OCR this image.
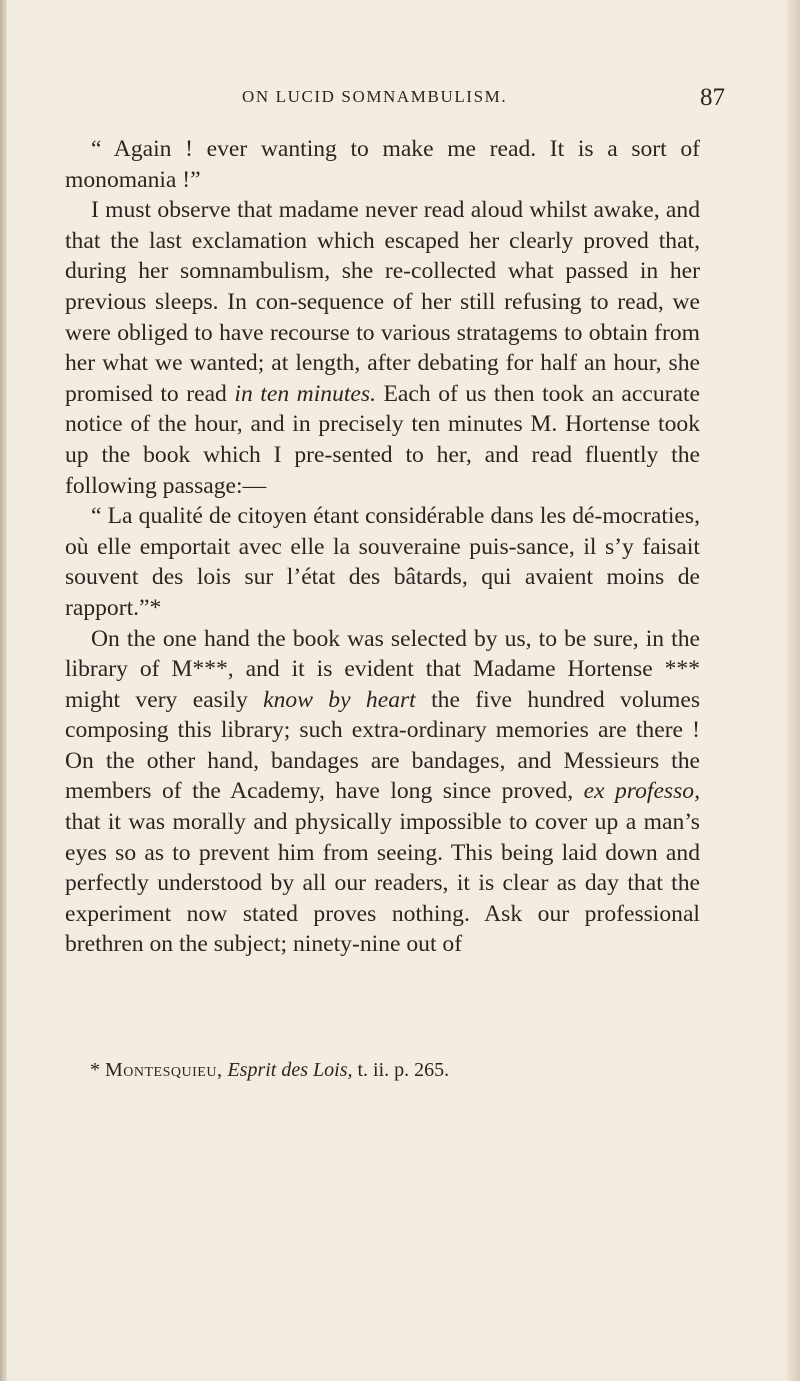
ON LUCID SOMNAMBULISM.	87

“ Again ! ever wanting to make me read. It is a sort of monomania !”

I must observe that madame never read aloud whilst awake, and that the last exclamation which escaped her clearly proved that, during her somnambulism, she re-collected what passed in her previous sleeps. In con-sequence of her still refusing to read, we were obliged to have recourse to various stratagems to obtain from her what we wanted; at length, after debating for half an hour, she promised to read in ten minutes. Each of us then took an accurate notice of the hour, and in precisely ten minutes M. Hortense took up the book which I pre-sented to her, and read fluently the following passage:—

“ La qualité de citoyen étant considérable dans les dé-mocraties, où elle emportait avec elle la souveraine puis-sance, il s’y faisait souvent des lois sur l’état des bâtards, qui avaient moins de rapport.”*

On the one hand the book was selected by us, to be sure, in the library of M***, and it is evident that Madame Hortense *** might very easily know by heart the five hundred volumes composing this library; such extra-ordinary memories are there ! On the other hand, bandages are bandages, and Messieurs the members of the Academy, have long since proved, ex professo, that it was morally and physically impossible to cover up a man’s eyes so as to prevent him from seeing. This being laid down and perfectly understood by all our readers, it is clear as day that the experiment now stated proves nothing. Ask our professional brethren on the subject; ninety-nine out of

* Montesquieu, Esprit des Lois, t. ii. p. 265.
